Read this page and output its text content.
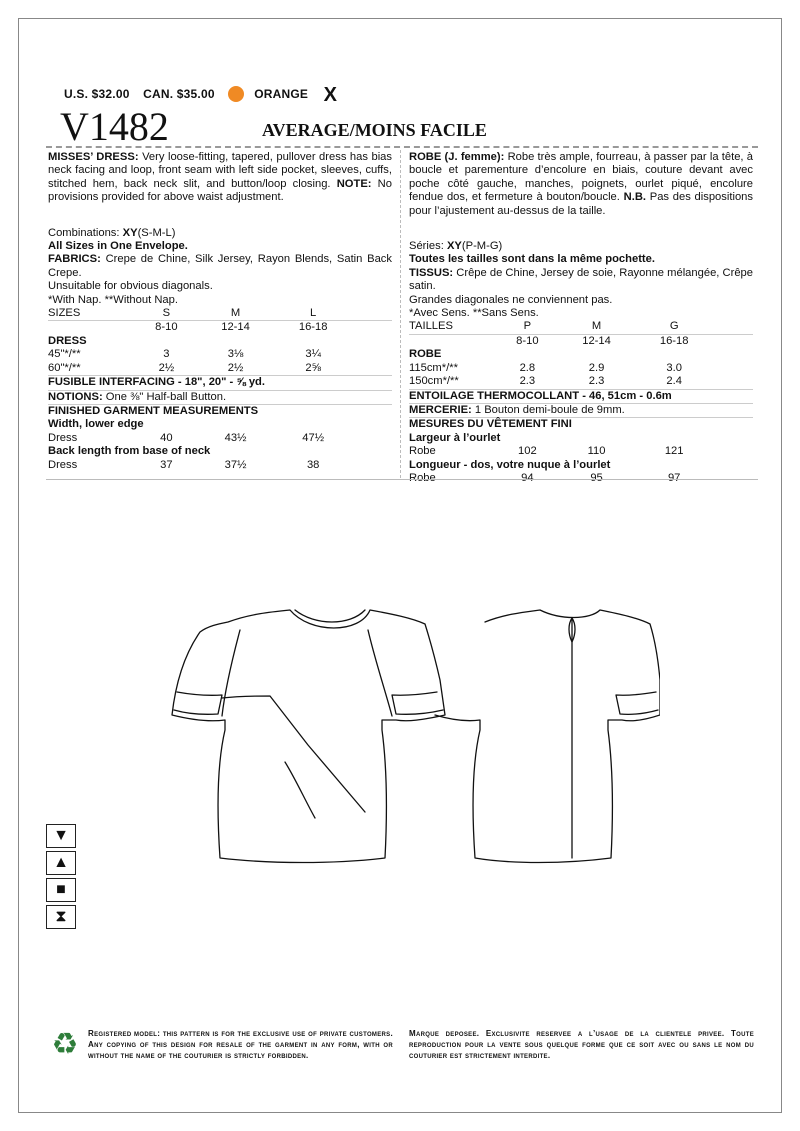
U.S. $32.00 CAN. $35.00	ORANGE X
V1482	AVERAGE/MOINS FACILE

MISSES’ DRESS: Very loose-fitting, tapered, pullover dress has bias neck facing and loop, front seam with left side pocket, sleeves, cuffs, stitched hem, back neck slit, and button/loop closing. NOTE: No provisions provided for above waist adjustment.

Combinations: XY(S-M-L)

All Sizes in One Envelope.

FABRICS: Crepe de Chine, Silk Jersey, Rayon Blends, Satin Back Crepe.

Unsuitable for obvious diagonals.

*With Nap. **Without Nap.

SIZES	S	M	L	
	8-10	12-14	16-18	
DRESS				
45"*/**	3	3⅛	3¼	
60"*/**	2½	2½	2⅝	
FUSIBLE INTERFACING - 18", 20" - ⅝ yd.				
NOTIONS: One ⅜" Half-ball Button.				
FINISHED GARMENT MEASUREMENTS				
Width, lower edge				
Dress	40	43½	47½	
Back length from base of neck				
Dress	37	37½	38	

ROBE (J. femme): Robe très ample, fourreau, à passer par la tête, à boucle et parementure d’encolure en biais, couture devant avec poche côté gauche, manches, poignets, ourlet piqué, encolure fendue dos, et fermeture à bouton/boucle. N.B. Pas des dispositions pour l’ajustement au-dessus de la taille.

Séries: XY(P-M-G)

Toutes les tailles sont dans la même pochette.

TISSUS: Crêpe de Chine, Jersey de soie, Rayonne mélangée, Crêpe satin.

Grandes diagonales ne conviennent pas.

*Avec Sens. **Sans Sens.

TAILLES	P	M	G	
	8-10	12-14	16-18	
ROBE				
115cm*/**	2.8	2.9	3.0	
150cm*/**	2.3	2.3	2.4	
ENTOILAGE THERMOCOLLANT - 46, 51cm - 0.6m				
MERCERIE: 1 Bouton demi-boule de 9mm.				
MESURES DU VÊTEMENT FINI				
Largeur à l’ourlet				
Robe	102	110	121	
Longueur - dos, votre nuque à l’ourlet				
Robe	94	95	97	
▼
▲
■
⧗
♻	Registered model: this pattern is for the exclusive use of private customers. Any copying of this design for resale of the garment in any form, with or without the name of the couturier is strictly forbidden.
Marque deposee. Exclusivite reservee a l’usage de la clientele privee. Toute reproduction pour la vente sous quelque forme que ce soit avec ou sans le nom du couturier est strictement interdite.
